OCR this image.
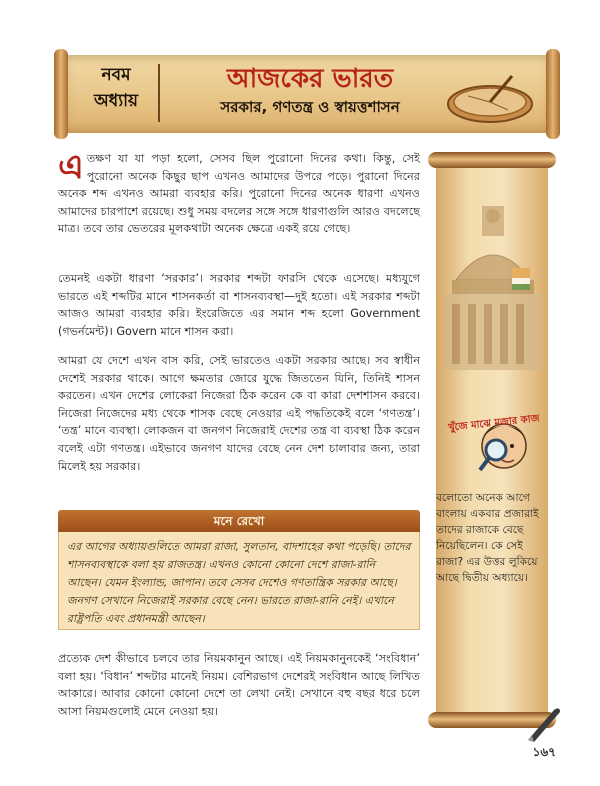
নবম
অধ্যায়
আজকের ভারত
সরকার, গণতন্ত্র ও স্বায়ত্তশাসন

এতক্ষণ যা যা পড়া হলো, সেসব ছিল পুরোনো দিনের কথা। কিন্তু, সেই পুরোনো অনেক কিছুর ছাপ এখনও আমাদের উপরে পড়ে। পুরানো দিনের অনেক শব্দ এখনও আমরা ব্যবহার করি। পুরোনো দিনের অনেক ধারণা এখনও আমাদের চারপাশে রয়েছে। শুধু সময় বদলের সঙ্গে সঙ্গে ধারণাগুলি আরও বদলেছে মাত্র। তবে তার ভেতরের মূলকথাটা অনেক ক্ষেত্রে একই রয়ে গেছে।

তেমনই একটা ধারণা ‘সরকার’। সরকার শব্দটা ফারসি থেকে এসেছে। মধ্যযুগে ভারতে এই শব্দটির মানে শাসনকর্তা বা শাসনব্যবস্থা—দুই হতো। এই সরকার শব্দটা আজও আমরা ব্যবহার করি। ইংরেজিতে এর সমান শব্দ হলো Government (গভর্নমেন্ট)। Govern মানে শাসন করা।

আমরা যে দেশে এখন বাস করি, সেই ভারতেও একটা সরকার আছে। সব স্বাধীন দেশেই সরকার থাকে। আগে ক্ষমতার জোরে যুদ্ধে জিততেন যিনি, তিনিই শাসন করতেন। এখন দেশের লোকেরা নিজেরা ঠিক করেন কে বা কারা দেশশাসন করবে। নিজেরা নিজেদের মধ্য থেকে শাসক বেছে নেওয়ার এই পদ্ধতিকেই বলে ‘গণতন্ত্র’। ‘তন্ত্র’ মানে ব্যবস্থা। লোকজন বা জনগণ নিজেরাই দেশের তন্ত্র বা ব্যবস্থা ঠিক করেন বলেই এটা গণতন্ত্র। এইভাবে জনগণ যাদের বেছে নেন দেশ চালাবার জন্য, তারা মিলেই হয় সরকার।

মনে রেখো

এর আগের অধ্যায়গুলিতে আমরা রাজা, সুলতান, বাদশাহের কথা পড়েছি। তাদের শাসনব্যবস্থাকে বলা হয় রাজতন্ত্র। এখনও কোনো কোনো দেশে রাজা-রানি আছেন। যেমন ইংল্যান্ড, জাপান। তবে সেসব দেশেও গণতান্ত্রিক সরকার আছে। জনগণ সেখানে নিজেরাই সরকার বেছে নেন। ভারতে রাজা-রানি নেই। এখানে রাষ্ট্রপতি এবং প্রধানমন্ত্রী আছেন।

প্রত্যেক দেশ কীভাবে চলবে তার নিয়মকানুন আছে। এই নিয়মকানুনকেই ‘সংবিধান’ বলা হয়। ‘বিধান’ শব্দটার মানেই নিয়ম। বেশিরভাগ দেশেরই সংবিধান আছে লিখিত আকারে। আবার কোনো কোনো দেশে তা লেখা নেই। সেখানে বহু বছর ধরে চলে আসা নিয়মগুলোই মেনে নেওয়া হয়।

খুঁজে মাঝে মজার কাজ

বলোতো অনেক আগে বাংলায় একবার প্রজারাই তাদের রাজাকে বেছে নিয়েছিলেন। কে সেই রাজা? এর উত্তর লুকিয়ে আছে দ্বিতীয় অধ্যায়ে।

১৬৭
